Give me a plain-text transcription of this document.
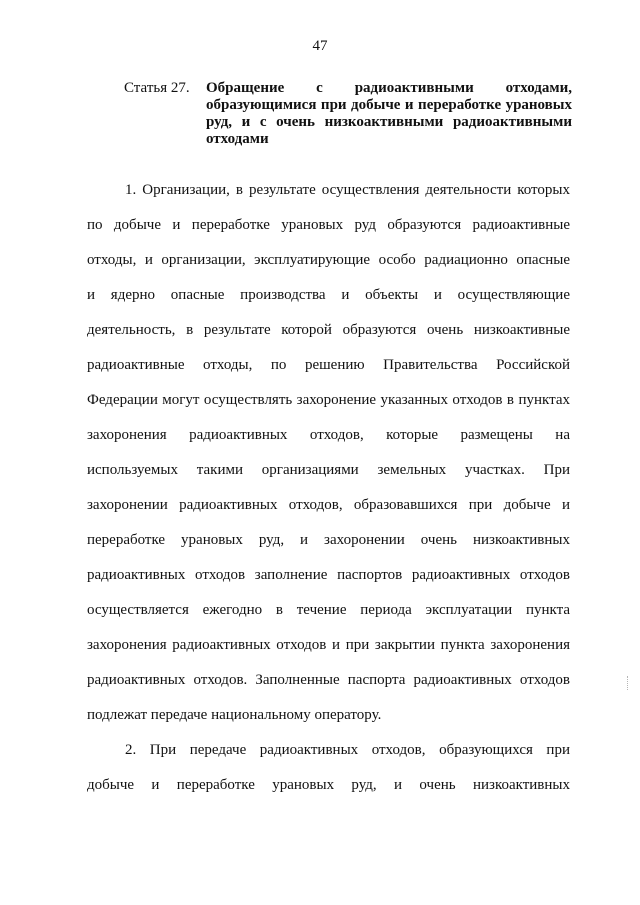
47
Статья 27.	Обращение с радиоактивными отходами,
образующимися при добыче и переработке урановых
руд, и с очень низкоактивными радиоактивными
отходами
1. Организации, в результате осуществления деятельности которых
по добыче и переработке урановых руд образуются радиоактивные
отходы, и организации, эксплуатирующие особо радиационно опасные
и ядерно опасные производства и объекты и осуществляющие
деятельность, в результате которой образуются очень низкоактивные
радиоактивные отходы, по решению Правительства Российской
Федерации могут осуществлять захоронение указанных отходов в пунктах
захоронения радиоактивных отходов, которые размещены на
используемых такими организациями земельных участках. При
захоронении радиоактивных отходов, образовавшихся при добыче и
переработке урановых руд, и захоронении очень низкоактивных
радиоактивных отходов заполнение паспортов радиоактивных отходов
осуществляется ежегодно в течение периода эксплуатации пункта
захоронения радиоактивных отходов и при закрытии пункта захоронения
радиоактивных отходов. Заполненные паспорта радиоактивных отходов
подлежат передаче национальному оператору.
2. При передаче радиоактивных отходов, образующихся при
добыче и переработке урановых руд, и очень низкоактивных
